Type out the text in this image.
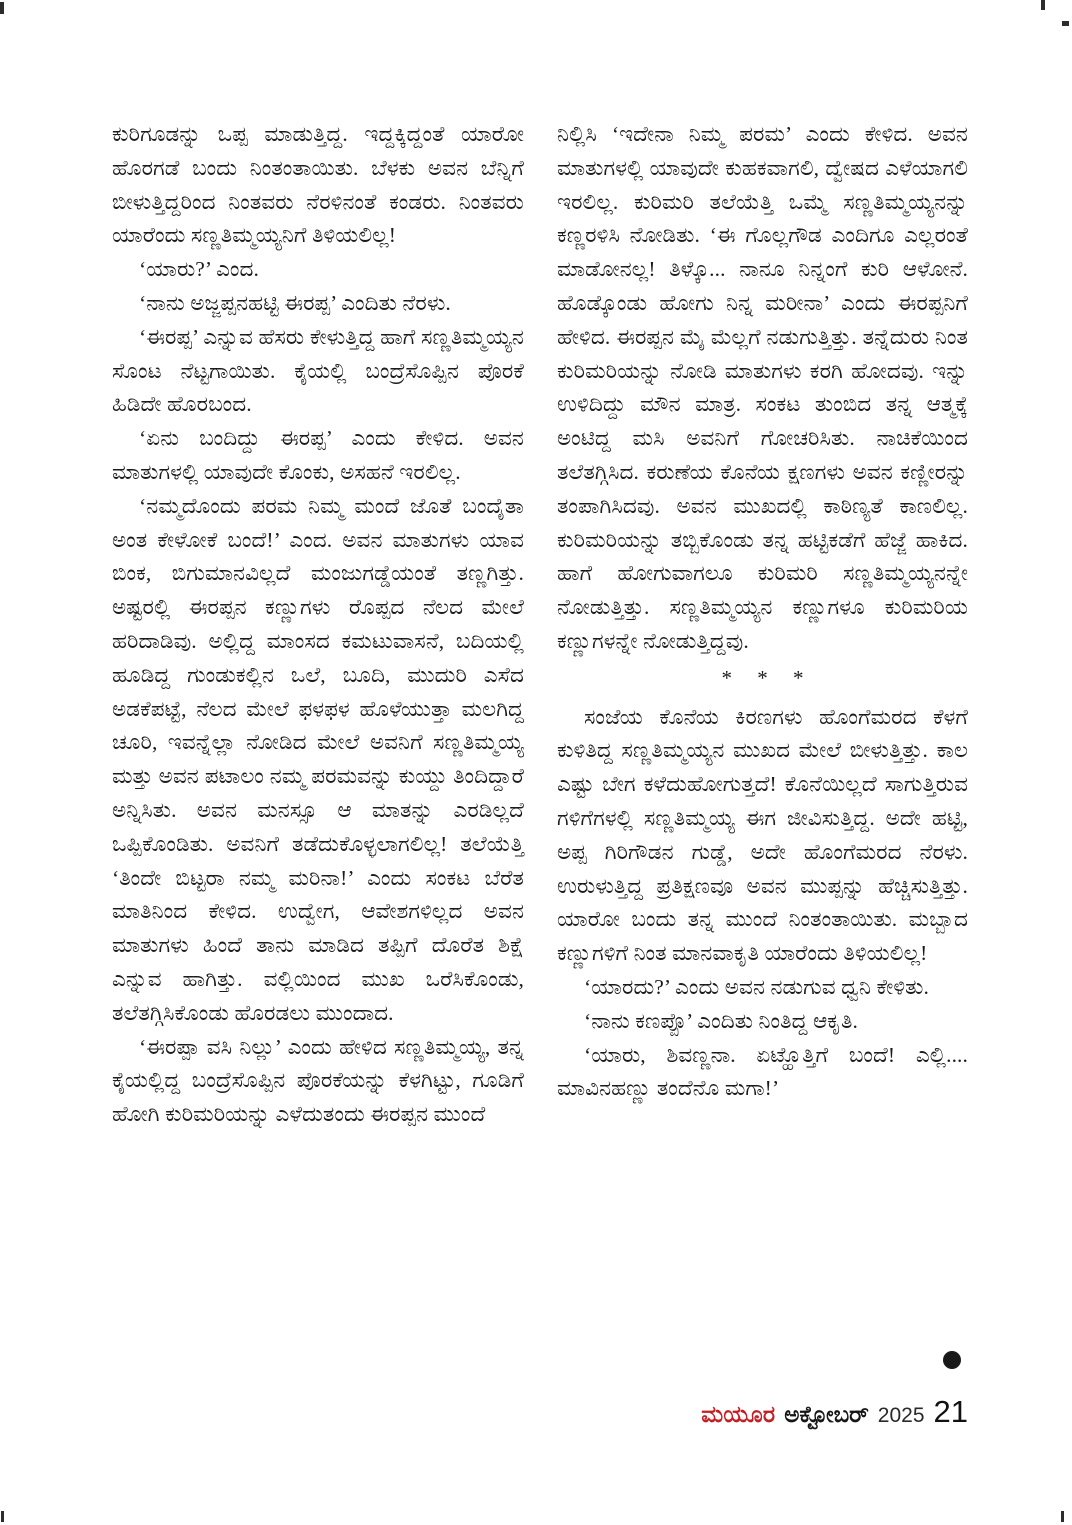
ಕುರಿಗೂಡನ್ನು ಒಪ್ಪ ಮಾಡುತ್ತಿದ್ದ. ಇದ್ದಕ್ಕಿದ್ದಂತೆ ಯಾರೋ ಹೊರಗಡೆ ಬಂದು ನಿಂತಂತಾಯಿತು. ಬೆಳಕು ಅವನ ಬೆನ್ನಿಗೆ ಬೀಳುತ್ತಿದ್ದರಿಂದ ನಿಂತವರು ನೆರಳಿನಂತೆ ಕಂಡರು. ನಿಂತವರು ಯಾರೆಂದು ಸಣ್ಣತಿಮ್ಮಯ್ಯನಿಗೆ ತಿಳಿಯಲಿಲ್ಲ!

‘ಯಾರು?’ ಎಂದ.

‘ನಾನು ಅಜ್ಜಪ್ಪನಹಟ್ಟಿ ಈರಪ್ಪ’ ಎಂದಿತು ನೆರಳು.

‘ಈರಪ್ಪ’ ಎನ್ನುವ ಹೆಸರು ಕೇಳುತ್ತಿದ್ದ ಹಾಗೆ ಸಣ್ಣತಿಮ್ಮಯ್ಯನ ಸೊಂಟ ನೆಟ್ಟಗಾಯಿತು. ಕೈಯಲ್ಲಿ ಬಂದ್ರೆಸೊಪ್ಪಿನ ಪೊರಕೆ ಹಿಡಿದೇ ಹೊರಬಂದ.

‘ಏನು ಬಂದಿದ್ದು ಈರಪ್ಪ’ ಎಂದು ಕೇಳಿದ. ಅವನ ಮಾತುಗಳಲ್ಲಿ ಯಾವುದೇ ಕೊಂಕು, ಅಸಹನೆ ಇರಲಿಲ್ಲ.

‘ನಮ್ಮದೊಂದು ಪರಮ ನಿಮ್ಮ ಮಂದೆ ಜೊತೆ ಬಂದೈತಾ ಅಂತ ಕೇಳೋಕೆ ಬಂದೆ!’ ಎಂದ. ಅವನ ಮಾತುಗಳು ಯಾವ ಬಿಂಕ, ಬಿಗುಮಾನವಿಲ್ಲದೆ ಮಂಜುಗಡ್ಡೆಯಂತೆ ತಣ್ಣಗಿತ್ತು. ಅಷ್ಟರಲ್ಲಿ ಈರಪ್ಪನ ಕಣ್ಣುಗಳು ರೊಪ್ಪದ ನೆಲದ ಮೇಲೆ ಹರಿದಾಡಿವು. ಅಲ್ಲಿದ್ದ ಮಾಂಸದ ಕಮಟುವಾಸನೆ, ಬದಿಯಲ್ಲಿ ಹೂಡಿದ್ದ ಗುಂಡುಕಲ್ಲಿನ ಒಲೆ, ಬೂದಿ, ಮುದುರಿ ಎಸೆದ ಅಡಕೆಪಟ್ಟೆ, ನೆಲದ ಮೇಲೆ ಫಳಫಳ ಹೊಳೆಯುತ್ತಾ ಮಲಗಿದ್ದ ಚೂರಿ, ಇವನ್ನೆಲ್ಲಾ ನೋಡಿದ ಮೇಲೆ ಅವನಿಗೆ ಸಣ್ಣತಿಮ್ಮಯ್ಯ ಮತ್ತು ಅವನ ಪಟಾಲಂ ನಮ್ಮ ಪರಮವನ್ನು ಕುಯ್ದು ತಿಂದಿದ್ದಾರೆ ಅನ್ನಿಸಿತು. ಅವನ ಮನಸ್ಸೂ ಆ ಮಾತನ್ನು ಎರಡಿಲ್ಲದೆ ಒಪ್ಪಿಕೊಂಡಿತು. ಅವನಿಗೆ ತಡೆದುಕೊಳ್ಳಲಾಗಲಿಲ್ಲ! ತಲೆಯೆತ್ತಿ ‘ತಿಂದೇ ಬಿಟ್ಟರಾ ನಮ್ಮ ಮರಿನಾ!’ ಎಂದು ಸಂಕಟ ಬೆರೆತ ಮಾತಿನಿಂದ ಕೇಳಿದ. ಉದ್ವೇಗ, ಆವೇಶಗಳಿಲ್ಲದ ಅವನ ಮಾತುಗಳು ಹಿಂದೆ ತಾನು ಮಾಡಿದ ತಪ್ಪಿಗೆ ದೊರೆತ ಶಿಕ್ಷೆ ಎನ್ನುವ ಹಾಗಿತ್ತು. ವಲ್ಲಿಯಿಂದ ಮುಖ ಒರೆಸಿಕೊಂಡು, ತಲೆತಗ್ಗಿಸಿಕೊಂಡು ಹೊರಡಲು ಮುಂದಾದ.

‘ಈರಪ್ಪಾ ವಸಿ ನಿಲ್ಲು’ ಎಂದು ಹೇಳಿದ ಸಣ್ಣತಿಮ್ಮಯ್ಯ, ತನ್ನ ಕೈಯಲ್ಲಿದ್ದ ಬಂದ್ರೆಸೊಪ್ಪಿನ ಪೊರಕೆಯನ್ನು ಕೆಳಗಿಟ್ಟು, ಗೂಡಿಗೆ ಹೋಗಿ ಕುರಿಮರಿಯನ್ನು ಎಳೆದುತಂದು ಈರಪ್ಪನ ಮುಂದೆ

ನಿಲ್ಲಿಸಿ ‘ಇದೇನಾ ನಿಮ್ಮ ಪರಮ’ ಎಂದು ಕೇಳಿದ. ಅವನ ಮಾತುಗಳಲ್ಲಿ ಯಾವುದೇ ಕುಹಕವಾಗಲಿ, ದ್ವೇಷದ ಎಳೆಯಾಗಲಿ ಇರಲಿಲ್ಲ. ಕುರಿಮರಿ ತಲೆಯೆತ್ತಿ ಒಮ್ಮೆ ಸಣ್ಣತಿಮ್ಮಯ್ಯನನ್ನು ಕಣ್ಣರಳಿಸಿ ನೋಡಿತು. ‘ಈ ಗೊಲ್ಲಗೌಡ ಎಂದಿಗೂ ಎಲ್ಲರಂತೆ ಮಾಡೋನಲ್ಲ! ತಿಳ್ಕೊ... ನಾನೂ ನಿನ್ನಂಗೆ ಕುರಿ ಆಳೋನೆ. ಹೊಡ್ಕೊಂಡು ಹೋಗು ನಿನ್ನ ಮರೀನಾ’ ಎಂದು ಈರಪ್ಪನಿಗೆ ಹೇಳಿದ. ಈರಪ್ಪನ ಮೈ ಮೆಲ್ಲಗೆ ನಡುಗುತ್ತಿತ್ತು. ತನ್ನೆದುರು ನಿಂತ ಕುರಿಮರಿಯನ್ನು ನೋಡಿ ಮಾತುಗಳು ಕರಗಿ ಹೋದವು. ಇನ್ನು ಉಳಿದಿದ್ದು ಮೌನ ಮಾತ್ರ. ಸಂಕಟ ತುಂಬಿದ ತನ್ನ ಆತ್ಮಕ್ಕೆ ಅಂಟಿದ್ದ ಮಸಿ ಅವನಿಗೆ ಗೋಚರಿಸಿತು. ನಾಚಿಕೆಯಿಂದ ತಲೆತಗ್ಗಿಸಿದ. ಕರುಣೆಯ ಕೊನೆಯ ಕ್ಷಣಗಳು ಅವನ ಕಣ್ಣೀರನ್ನು ತಂಪಾಗಿಸಿದವು. ಅವನ ಮುಖದಲ್ಲಿ ಕಾಠಿಣ್ಯತೆ ಕಾಣಲಿಲ್ಲ. ಕುರಿಮರಿಯನ್ನು ತಬ್ಬಿಕೊಂಡು ತನ್ನ ಹಟ್ಟಿಕಡೆಗೆ ಹೆಜ್ಜೆ ಹಾಕಿದ. ಹಾಗೆ ಹೋಗುವಾಗಲೂ ಕುರಿಮರಿ ಸಣ್ಣತಿಮ್ಮಯ್ಯನನ್ನೇ ನೋಡುತ್ತಿತ್ತು. ಸಣ್ಣತಿಮ್ಮಯ್ಯನ ಕಣ್ಣುಗಳೂ ಕುರಿಮರಿಯ ಕಣ್ಣುಗಳನ್ನೇ ನೋಡುತ್ತಿದ್ದವು.

* * *

ಸಂಜೆಯ ಕೊನೆಯ ಕಿರಣಗಳು ಹೊಂಗೆಮರದ ಕೆಳಗೆ ಕುಳಿತಿದ್ದ ಸಣ್ಣತಿಮ್ಮಯ್ಯನ ಮುಖದ ಮೇಲೆ ಬೀಳುತ್ತಿತ್ತು. ಕಾಲ ಎಷ್ಟು ಬೇಗ ಕಳೆದುಹೋಗುತ್ತದೆ! ಕೊನೆಯಿಲ್ಲದೆ ಸಾಗುತ್ತಿರುವ ಗಳಿಗೆಗಳಲ್ಲಿ ಸಣ್ಣತಿಮ್ಮಯ್ಯ ಈಗ ಜೀವಿಸುತ್ತಿದ್ದ. ಅದೇ ಹಟ್ಟಿ, ಅಪ್ಪ ಗಿರಿಗೌಡನ ಗುಡ್ಡೆ, ಅದೇ ಹೊಂಗೆಮರದ ನೆರಳು. ಉರುಳುತ್ತಿದ್ದ ಪ್ರತಿಕ್ಷಣವೂ ಅವನ ಮುಪ್ಪನ್ನು ಹೆಚ್ಚಿಸುತ್ತಿತ್ತು. ಯಾರೋ ಬಂದು ತನ್ನ ಮುಂದೆ ನಿಂತಂತಾಯಿತು. ಮಬ್ಬಾದ ಕಣ್ಣುಗಳಿಗೆ ನಿಂತ ಮಾನವಾಕೃತಿ ಯಾರೆಂದು ತಿಳಿಯಲಿಲ್ಲ!

‘ಯಾರದು?’ ಎಂದು ಅವನ ನಡುಗುವ ಧ್ವನಿ ಕೇಳಿತು.

‘ನಾನು ಕಣಪ್ಪೊ’ ಎಂದಿತು ನಿಂತಿದ್ದ ಆಕೃತಿ.

‘ಯಾರು, ಶಿವಣ್ಣನಾ. ಏಟ್ಹೊತ್ತಿಗೆ ಬಂದೆ! ಎಲ್ಲಿ.... ಮಾವಿನಹಣ್ಣು ತಂದೆನೊ ಮಗಾ!’

ಮಯೂರ ಅಕ್ಟೋಬರ್ 2025 21
